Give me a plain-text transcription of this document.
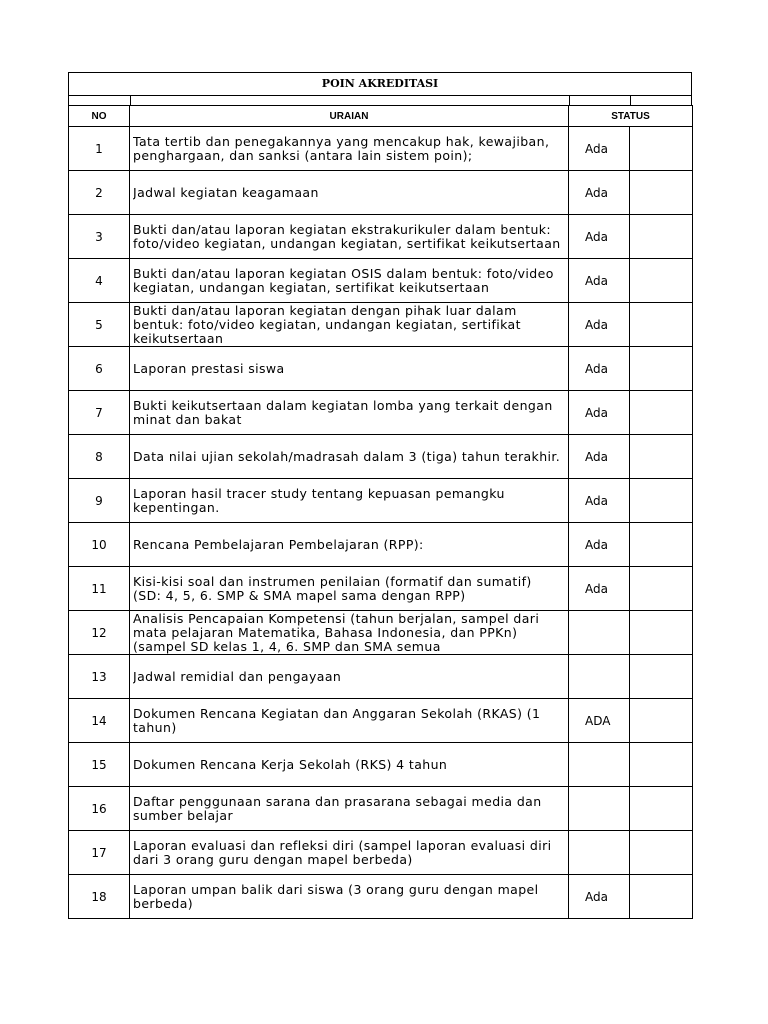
POIN AKREDITASI
NO	URAIAN	STATUS	
1	Tata tertib dan penegakannya yang mencakup hak, kewajiban, penghargaan, dan sanksi (antara lain sistem poin);	Ada	
2	Jadwal kegiatan keagamaan	Ada	
3	Bukti dan/atau laporan kegiatan ekstrakurikuler dalam bentuk: foto/video kegiatan, undangan kegiatan, sertifikat keikutsertaan	Ada	
4	Bukti dan/atau laporan kegiatan OSIS dalam bentuk: foto/video kegiatan, undangan kegiatan, sertifikat keikutsertaan	Ada	
5	Bukti dan/atau laporan kegiatan dengan pihak luar dalam bentuk: foto/video kegiatan, undangan kegiatan, sertifikat keikutsertaan	Ada	
6	Laporan prestasi siswa	Ada	
7	Bukti keikutsertaan dalam kegiatan lomba yang terkait dengan minat dan bakat	Ada	
8	Data nilai ujian sekolah/madrasah dalam 3 (tiga) tahun terakhir.	Ada	
9	Laporan hasil tracer study tentang kepuasan pemangku kepentingan.	Ada	
10	Rencana Pembelajaran Pembelajaran (RPP):	Ada	
11	Kisi-kisi soal dan instrumen penilaian (formatif dan sumatif) (SD: 4, 5, 6. SMP & SMA mapel sama dengan RPP)	Ada	
12	Analisis Pencapaian Kompetensi (tahun berjalan, sampel dari mata pelajaran Matematika, Bahasa Indonesia, dan PPKn) (sampel SD kelas 1, 4, 6. SMP dan SMA semua		

13	Jadwal remidial dan pengayaan		

14	Dokumen Rencana Kegiatan dan Anggaran Sekolah (RKAS) (1 tahun)	ADA	
15	Dokumen Rencana Kerja Sekolah (RKS) 4 tahun		

16	Daftar penggunaan sarana dan prasarana sebagai media dan sumber belajar		

17	Laporan evaluasi dan refleksi diri (sampel laporan evaluasi diri dari 3 orang guru dengan mapel berbeda)		

18	Laporan umpan balik dari siswa (3 orang guru dengan mapel berbeda)	Ada	
